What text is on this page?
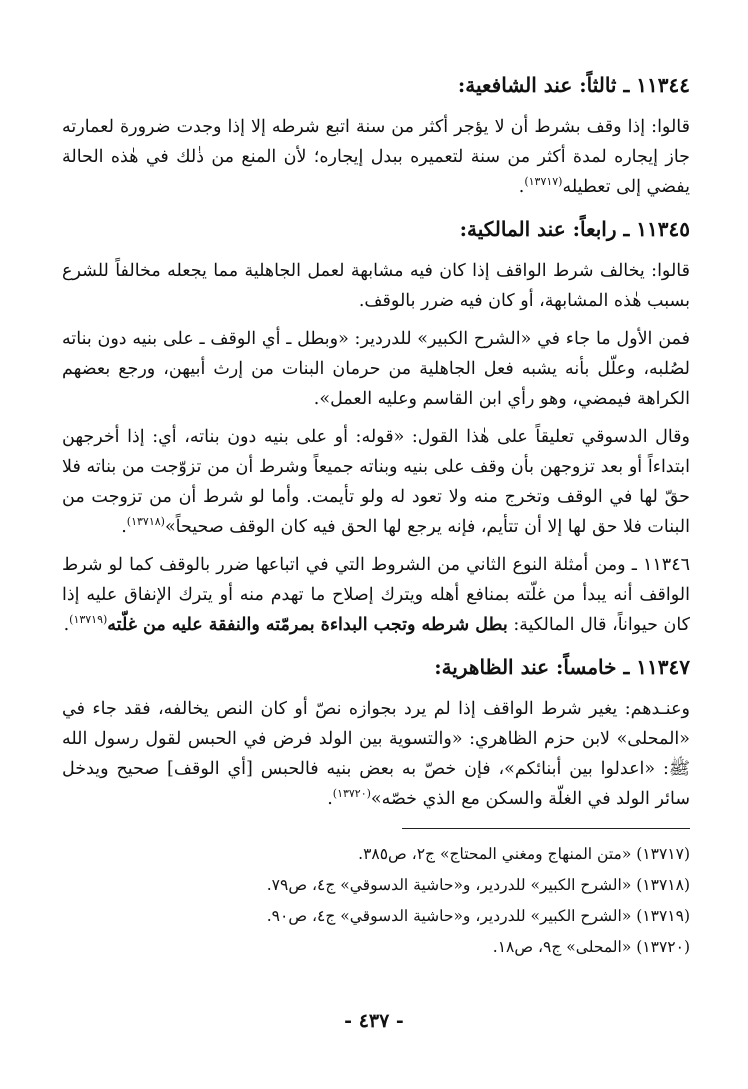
١١٣٤٤ ـ ثالثاً: عند الشافعية:

قالوا: إذا وقف بشرط أن لا يؤجر أكثر من سنة اتبع شرطه إلا إذا وجدت ضرورة لعمارته جاز إيجاره لمدة أكثر من سنة لتعميره ببدل إيجاره؛ لأن المنع من ذٰلك في هٰذه الحالة يفضي إلى تعطيله$^{(١٣٧١٧)}$.

١١٣٤٥ ـ رابعاً: عند المالكية:

قالوا: يخالف شرط الواقف إذا كان فيه مشابهة لعمل الجاهلية مما يجعله مخالفاً للشرع بسبب هٰذه المشابهة، أو كان فيه ضرر بالوقف.

فمن الأول ما جاء في «الشرح الكبير» للدردير: «وبطل ـ أي الوقف ـ على بنيه دون بناته لصُلبه، وعلّل بأنه يشبه فعل الجاهلية من حرمان البنات من إرث أبيهن، ورجع بعضهم الكراهة فيمضي، وهو رأي ابن القاسم وعليه العمل».

وقال الدسوقي تعليقاً على هٰذا القول: «قوله: أو على بنيه دون بناته، أي: إذا أخرجهن ابتداءاً أو بعد تزوجهن بأن وقف على بنيه وبناته جميعاً وشرط أن من تزوّجت من بناته فلا حقّ لها في الوقف وتخرج منه ولا تعود له ولو تأيمت. وأما لو شرط أن من تزوجت من البنات فلا حق لها إلا أن تتأيم، فإنه يرجع لها الحق فيه كان الوقف صحيحاً»$^{(١٣٧١٨)}$.

١١٣٤٦ ـ ومن أمثلة النوع الثاني من الشروط التي في اتباعها ضرر بالوقف كما لو شرط الواقف أنه يبدأ من غلّته بمنافع أهله ويترك إصلاح ما تهدم منه أو يترك الإنفاق عليه إذا كان حيواناً، قال المالكية: بطل شرطه وتجب البداءة بمرمّته والنفقة عليه من غلّته$^{(١٣٧١٩)}$.

١١٣٤٧ ـ خامساً: عند الظاهرية:

وعنـدهم: يغير شرط الواقف إذا لم يرد بجوازه نصّ أو كان النص يخالفه، فقد جاء في «المحلى» لابن حزم الظاهري: «والتسوية بين الولد فرض في الحبس لقول رسول الله ﷺ: «اعدلوا بين أبنائكم»، فإن خصّ به بعض بنيه فالحبس [أي الوقف] صحيح ويدخل سائر الولد في الغلّة والسكن مع الذي خصّه»$^{(١٣٧٢٠)}$.

(١٣٧١٧) «متن المنهاج ومغني المحتاج» ج٢، ص٣٨٥.

(١٣٧١٨) «الشرح الكبير» للدردير، و«حاشية الدسوقي» ج٤، ص٧٩.

(١٣٧١٩) «الشرح الكبير» للدردير، و«حاشية الدسوقي» ج٤، ص٩٠.

(١٣٧٢٠) «المحلى» ج٩، ص١٨.

- ٤٣٧ -
